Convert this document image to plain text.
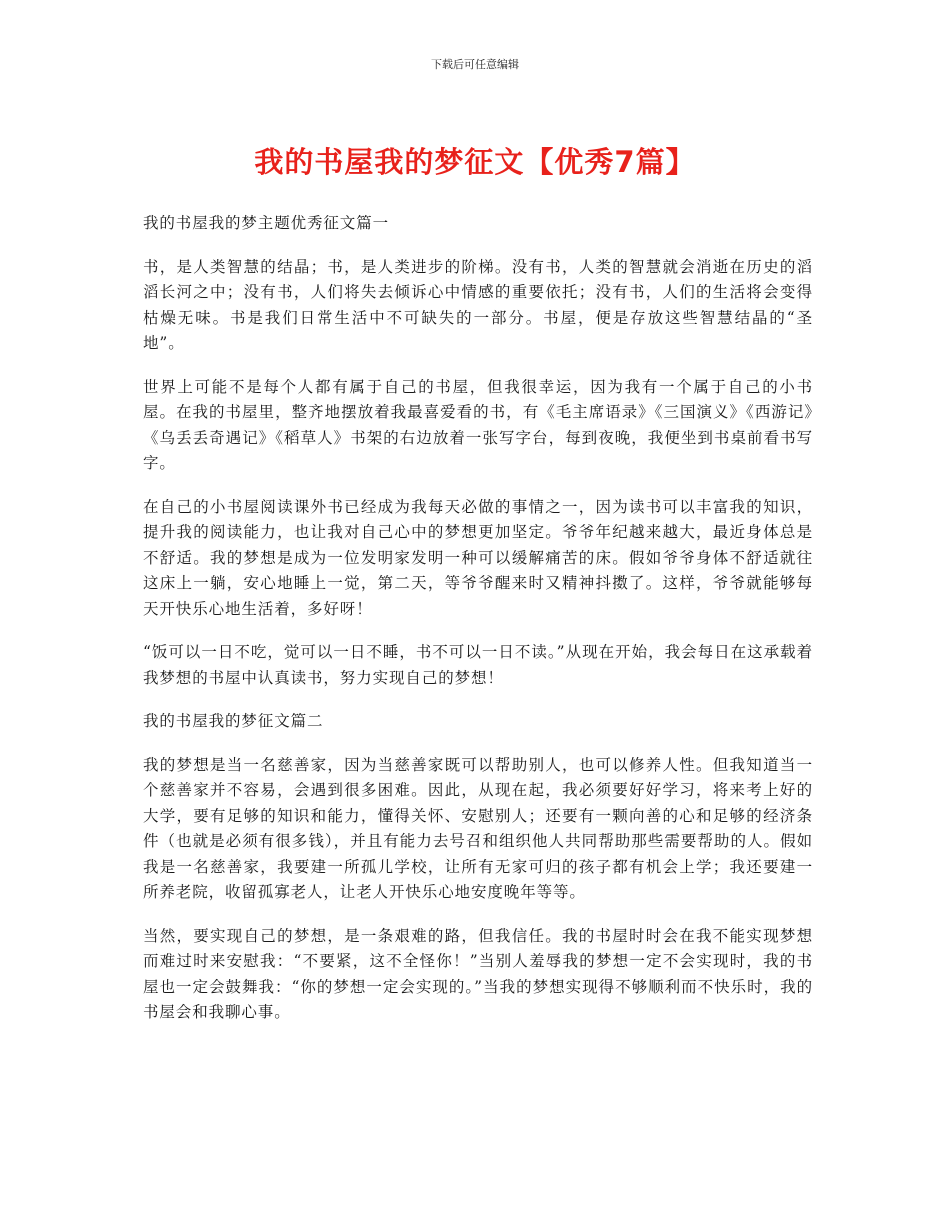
下载后可任意编辑
我的书屋我的梦征文【优秀7篇】

我的书屋我的梦主题优秀征文篇一

书，是人类智慧的结晶；书，是人类进步的阶梯。没有书，人类的智慧就会消逝在历史的滔滔长河之中；没有书，人们将失去倾诉心中情感的重要依托；没有书，人们的生活将会变得枯燥无味。书是我们日常生活中不可缺失的一部分。书屋，便是存放这些智慧结晶的“圣地”。

世界上可能不是每个人都有属于自己的书屋，但我很幸运，因为我有一个属于自己的小书屋。在我的书屋里，整齐地摆放着我最喜爱看的书，有《毛主席语录》《三国演义》《西游记》《乌丢丢奇遇记》《稻草人》书架的右边放着一张写字台，每到夜晚，我便坐到书桌前看书写字。

在自己的小书屋阅读课外书已经成为我每天必做的事情之一，因为读书可以丰富我的知识，提升我的阅读能力，也让我对自己心中的梦想更加坚定。爷爷年纪越来越大，最近身体总是不舒适。我的梦想是成为一位发明家发明一种可以缓解痛苦的床。假如爷爷身体不舒适就往这床上一躺，安心地睡上一觉，第二天，等爷爷醒来时又精神抖擞了。这样，爷爷就能够每天开快乐心地生活着，多好呀！

“饭可以一日不吃，觉可以一日不睡，书不可以一日不读。”从现在开始，我会每日在这承载着我梦想的书屋中认真读书，努力实现自己的梦想！

我的书屋我的梦征文篇二

我的梦想是当一名慈善家，因为当慈善家既可以帮助别人，也可以修养人性。但我知道当一个慈善家并不容易，会遇到很多困难。因此，从现在起，我必须要好好学习，将来考上好的大学，要有足够的知识和能力，懂得关怀、安慰别人；还要有一颗向善的心和足够的经济条件（也就是必须有很多钱），并且有能力去号召和组织他人共同帮助那些需要帮助的人。假如我是一名慈善家，我要建一所孤儿学校，让所有无家可归的孩子都有机会上学；我还要建一所养老院，收留孤寡老人，让老人开快乐心地安度晚年等等。

当然，要实现自己的梦想，是一条艰难的路，但我信任。我的书屋时时会在我不能实现梦想而难过时来安慰我：“不要紧，这不全怪你！”当别人羞辱我的梦想一定不会实现时，我的书屋也一定会鼓舞我：“你的梦想一定会实现的。”当我的梦想实现得不够顺利而不快乐时，我的书屋会和我聊心事。
